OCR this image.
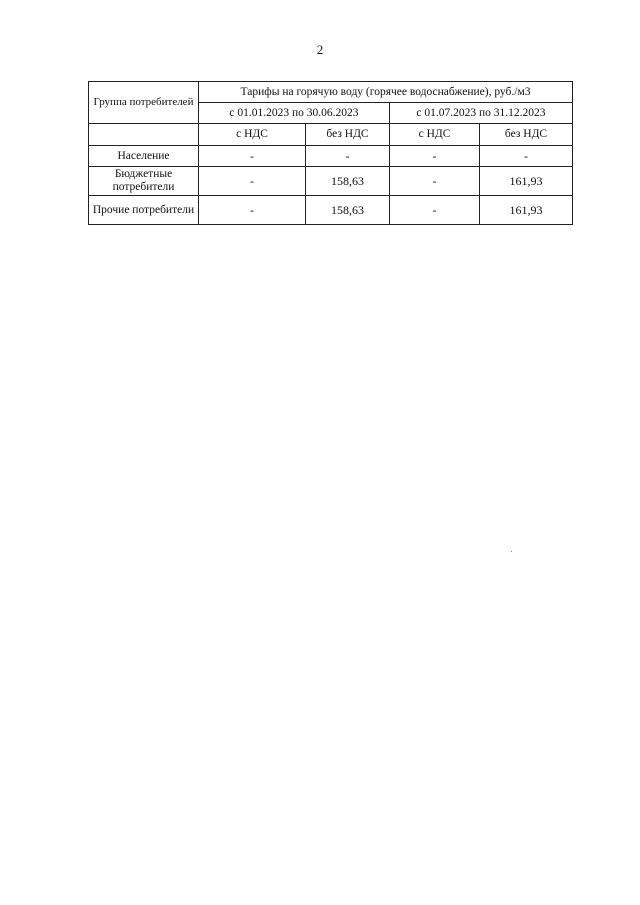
2
Группа потребителей	Тарифы на горячую воду (горячее водоснабжение), руб./м3			
	с 01.01.2023 по 30.06.2023		с 01.07.2023 по 31.12.2023	
	с НДС	без НДС	с НДС	без НДС
Население	-	-	-	-
Бюджетные потребители	-	158,63	-	161,93
Прочие потребители	-	158,63	-	161,93
